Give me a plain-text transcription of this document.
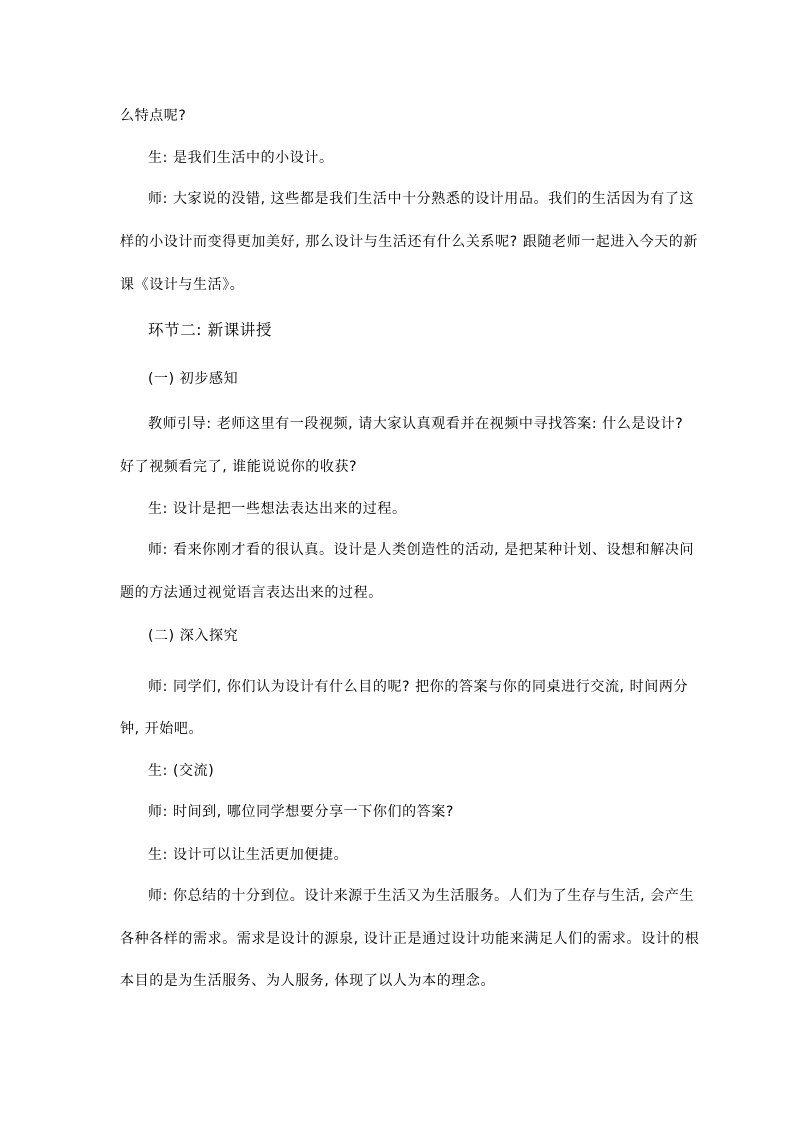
么特点呢?
生: 是我们生活中的小设计。
师: 大家说的没错, 这些都是我们生活中十分熟悉的设计用品。我们的生活因为有了这
样的小设计而变得更加美好, 那么设计与生活还有什么关系呢? 跟随老师一起进入今天的新
课《设计与生活》。
环节二: 新课讲授
(一) 初步感知
教师引导: 老师这里有一段视频, 请大家认真观看并在视频中寻找答案: 什么是设计?
好了视频看完了, 谁能说说你的收获?
生: 设计是把一些想法表达出来的过程。
师: 看来你刚才看的很认真。设计是人类创造性的活动, 是把某种计划、设想和解决问
题的方法通过视觉语言表达出来的过程。
(二) 深入探究
师: 同学们, 你们认为设计有什么目的呢? 把你的答案与你的同桌进行交流, 时间两分
钟, 开始吧。
生: (交流)
师: 时间到, 哪位同学想要分享一下你们的答案?
生: 设计可以让生活更加便捷。
师: 你总结的十分到位。设计来源于生活又为生活服务。人们为了生存与生活, 会产生
各种各样的需求。需求是设计的源泉, 设计正是通过设计功能来满足人们的需求。设计的根
本目的是为生活服务、为人服务, 体现了以人为本的理念。
